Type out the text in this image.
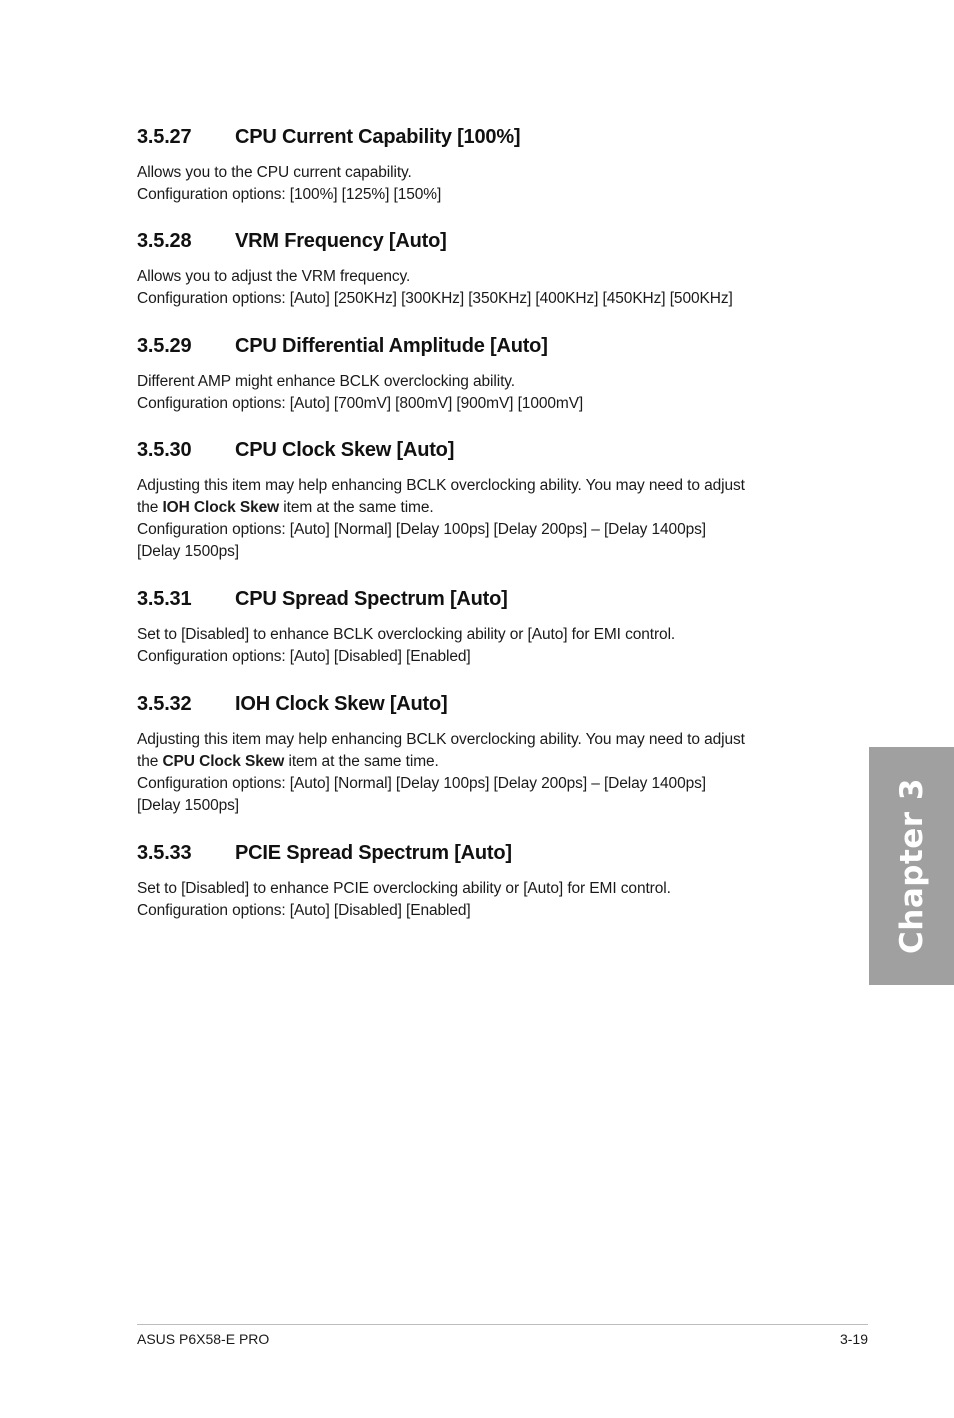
3.5.27	CPU Current Capability [100%]

Allows you to the CPU current capability.
Configuration options: [100%] [125%] [150%]

3.5.28	VRM Frequency [Auto]

Allows you to adjust the VRM frequency.
Configuration options: [Auto] [250KHz] [300KHz] [350KHz] [400KHz] [450KHz] [500KHz]

3.5.29	CPU Differential Amplitude [Auto]

Different AMP might enhance BCLK overclocking ability.
Configuration options: [Auto] [700mV] [800mV] [900mV] [1000mV]

3.5.30	CPU Clock Skew [Auto]

Adjusting this item may help enhancing BCLK overclocking ability. You may need to adjust
the IOH Clock Skew item at the same time.
Configuration options: [Auto] [Normal] [Delay 100ps] [Delay 200ps] – [Delay 1400ps]
[Delay 1500ps]

3.5.31	CPU Spread Spectrum [Auto]

Set to [Disabled] to enhance BCLK overclocking ability or [Auto] for EMI control.
Configuration options: [Auto] [Disabled] [Enabled]

3.5.32	IOH Clock Skew [Auto]

Adjusting this item may help enhancing BCLK overclocking ability. You may need to adjust
the CPU Clock Skew item at the same time.
Configuration options: [Auto] [Normal] [Delay 100ps] [Delay 200ps] – [Delay 1400ps]
[Delay 1500ps]

3.5.33	PCIE Spread Spectrum [Auto]

Set to [Disabled] to enhance PCIE overclocking ability or [Auto] for EMI control.
Configuration options: [Auto] [Disabled] [Enabled]	Chapter 3
ASUS P6X58-E PRO	3-19
